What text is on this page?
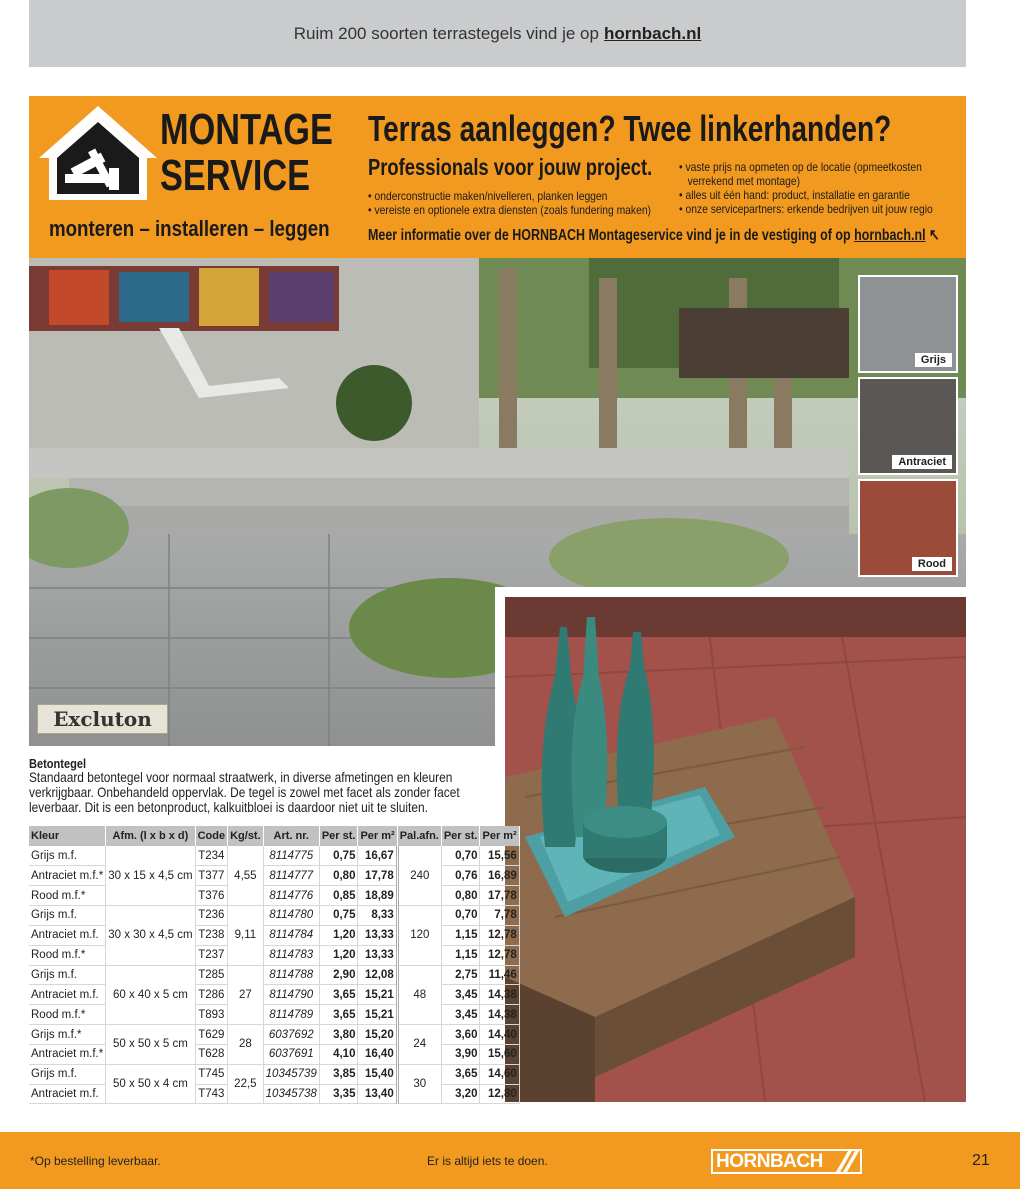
Ruim 200 soorten terrastegels vind je op hornbach.nl
MONTAGE
SERVICE
monteren – installeren – leggen
Terras aanleggen? Twee linkerhanden?
Professionals voor jouw project.
• onderconstructie maken/nivelleren, planken leggen
• vereiste en optionele extra diensten (zoals fundering maken)
• vaste prijs na opmeten op de locatie (opmeetkosten
verrekend met montage)
• alles uit één hand: product, installatie en garantie
• onze servicepartners: erkende bedrijven uit jouw regio
Meer informatie over de HORNBACH Montageservice vind je in de vestiging of op hornbach.nl ↖
Excluton
Grijs
Antraciet
Rood
Betontegel
Standaard betontegel voor normaal straatwerk, in diverse afmetingen en kleuren verkrijgbaar. Onbehandeld oppervlak. De tegel is zowel met facet als zonder facet leverbaar. Dit is een betonproduct, kalkuitbloei is daardoor niet uit te sluiten.
Kleur	Afm. (l x b x d)	Code	Kg/st.	Art. nr.	Per st.	Per m²	Pal.afn.	Per st.	Per m²
Grijs m.f.	30 x 15 x 4,5 cm	T234	4,55	8114775	0,75	16,67	240	0,70	15,56
Antraciet m.f.*		T377		8114777	0,80	17,78		0,76	16,89
Rood m.f.*		T376		8114776	0,85	18,89		0,80	17,78
Grijs m.f.	30 x 30 x 4,5 cm	T236	9,11	8114780	0,75	8,33	120	0,70	7,78
Antraciet m.f.		T238		8114784	1,20	13,33		1,15	12,78
Rood m.f.*		T237		8114783	1,20	13,33		1,15	12,78
Grijs m.f.	60 x 40 x 5 cm	T285	27	8114788	2,90	12,08	48	2,75	11,46
Antraciet m.f.		T286		8114790	3,65	15,21		3,45	14,38
Rood m.f.*		T893		8114789	3,65	15,21		3,45	14,38
Grijs m.f.*	50 x 50 x 5 cm	T629	28	6037692	3,80	15,20	24	3,60	14,40
Antraciet m.f.*		T628		6037691	4,10	16,40		3,90	15,60
Grijs m.f.	50 x 50 x 4 cm	T745	22,5	10345739	3,85	15,40	30	3,65	14,60
Antraciet m.f.		T743		10345738	3,35	13,40		3,20	12,80
*Op bestelling leverbaar.	Er is altijd iets te doen.	HORNBACH	21
